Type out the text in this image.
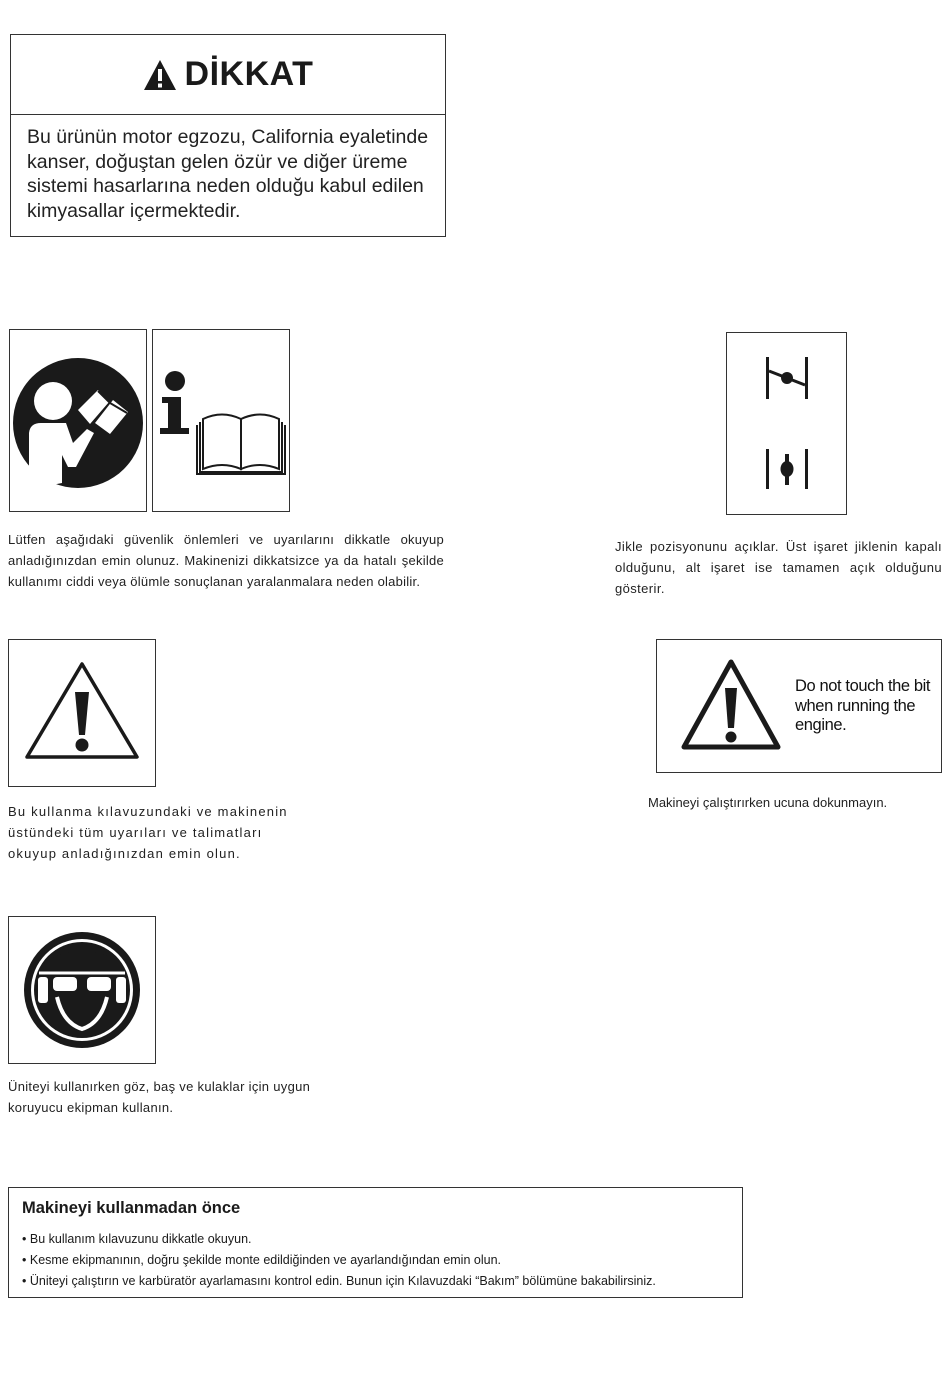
DİKKAT
Bu ürünün motor egzozu, California eyaletinde kanser, doğuştan gelen özür ve diğer üreme sistemi hasarlarına neden olduğu kabul edilen kimyasallar içermektedir.
Lütfen aşağıdaki güvenlik önlemleri ve uyarılarını dikkatle okuyup anladığınızdan emin olunuz. Makinenizi dikkatsizce ya da hatalı şekilde kullanımı ciddi veya ölümle sonuçlanan yaralanmalara neden olabilir.
Jikle pozisyonunu açıklar. Üst işaret jiklenin kapalı olduğunu, alt işaret ise tamamen açık olduğunu gösterir.
Bu kullanma kılavuzundaki ve makinenin üstündeki tüm uyarıları ve talimatları okuyup anladığınızdan emin olun.
Do not touch the bit when running the engine.
Makineyi çalıştırırken ucuna dokunmayın.
Üniteyi kullanırken göz, baş ve kulaklar için uygun koruyucu ekipman kullanın.
Makineyi kullanmadan önce
• Bu kullanım kılavuzunu dikkatle okuyun.
• Kesme ekipmanının, doğru şekilde monte edildiğinden ve ayarlandığından emin olun.
• Üniteyi çalıştırın ve karbüratör ayarlamasını kontrol edin. Bunun için Kılavuzdaki “Bakım” bölümüne bakabilirsiniz.
